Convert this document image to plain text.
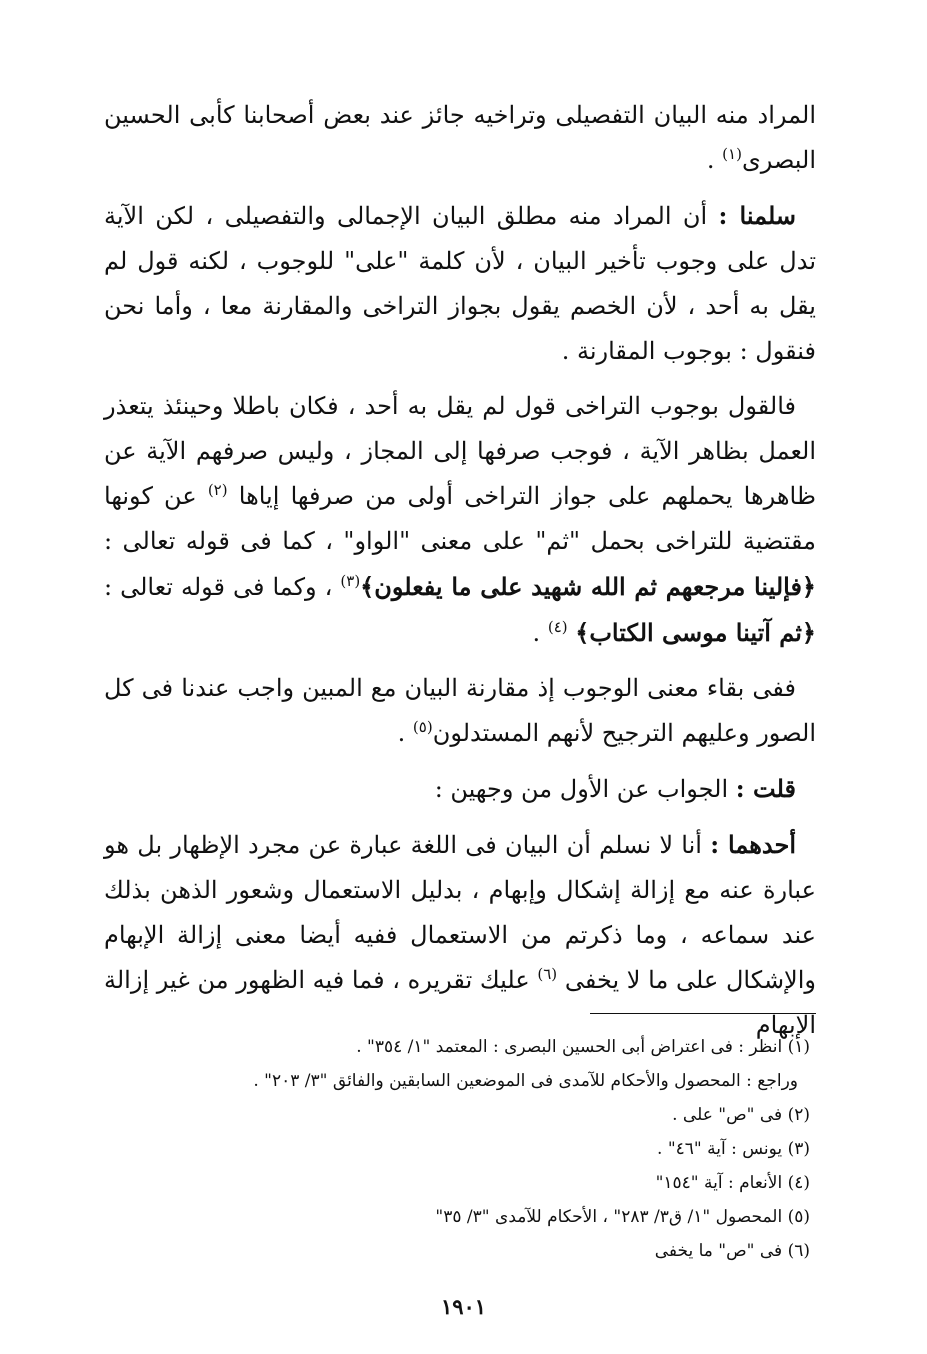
المراد منه البيان التفصيلى وتراخيه جائز عند بعض أصحابنا كأبى الحسين البصرى$^{(١)}$ .

سلمنا : أن المراد منه مطلق البيان الإجمالى والتفصيلى ، لكن الآية تدل على وجوب تأخير البيان ، لأن كلمة "على" للوجوب ، لكنه قول لم يقل به أحد ، لأن الخصم يقول بجواز التراخى والمقارنة معا ، وأما نحن فنقول : بوجوب المقارنة .

فالقول بوجوب التراخى قول لم يقل به أحد ، فكان باطلا وحينئذ يتعذر العمل بظاهر الآية ، فوجب صرفها إلى المجاز ، وليس صرفهم الآية عن ظاهرها يحملهم على جواز التراخى أولى من صرفها إياها $^{(٢)}$ عن كونها مقتضية للتراخى بحمل "ثم" على معنى "الواو" ، كما فى قوله تعالى : ﴿فإلينا مرجعهم ثم الله شهيد على ما يفعلون﴾$^{(٣)}$ ، وكما فى قوله تعالى : ﴿ثم آتينا موسى الكتاب﴾ $^{(٤)}$ .

ففى بقاء معنى الوجوب إذ مقارنة البيان مع المبين واجب عندنا فى كل الصور وعليهم الترجيح لأنهم المستدلون$^{(٥)}$ .

قلت : الجواب عن الأول من وجهين :

أحدهما : أنا لا نسلم أن البيان فى اللغة عبارة عن مجرد الإظهار بل هو عبارة عنه مع إزالة إشكال وإبهام ، بدليل الاستعمال وشعور الذهن بذلك عند سماعه ، وما ذكرتم من الاستعمال ففيه أيضا معنى إزالة الإبهام والإشكال على ما لا يخفى $^{(٦)}$ عليك تقريره ، فما فيه الظهور من غير إزالة الإبهام

(١) انظر : فى اعتراض أبى الحسين البصرى : المعتمد "١/ ٣٥٤" .

وراجع : المحصول والأحكام للآمدى فى الموضعين السابقين والفائق "٣/ ٢٠٣" .

(٢) فى "ص" على .

(٣) يونس : آية "٤٦" .

(٤) الأنعام : آية "١٥٤"

(٥) المحصول "١/ ق٣/ ٢٨٣" ، الأحكام للآمدى "٣/ ٣٥"

(٦) فى "ص" ما يخفى

١٩٠١
